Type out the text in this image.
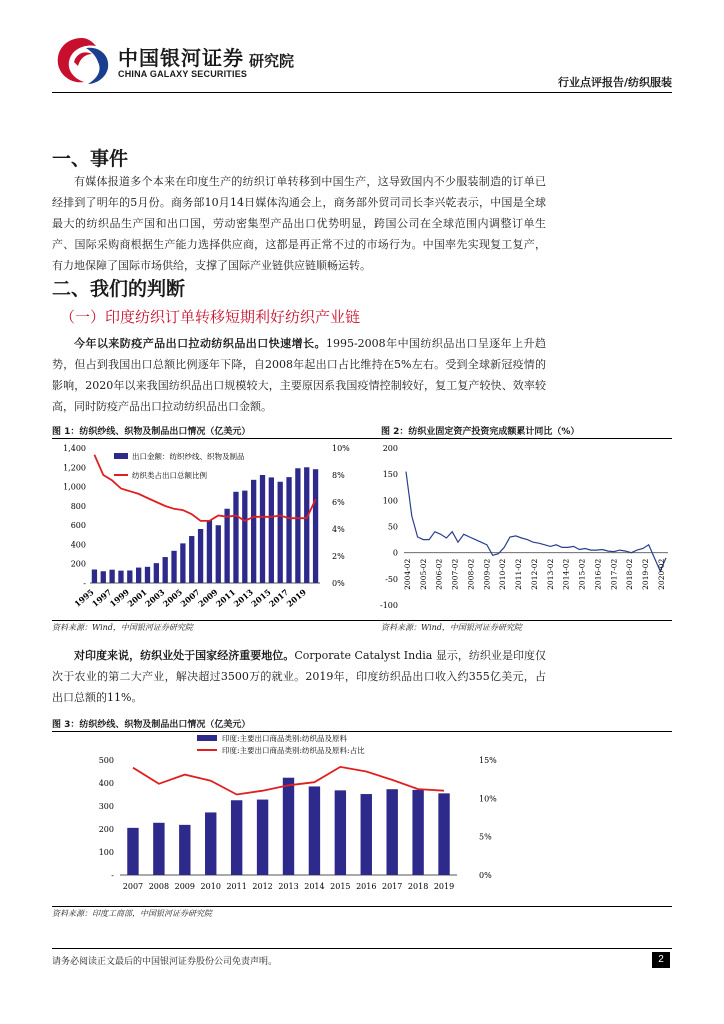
中国银河证券
CHINA GALAXY SECURITIES
研究院
行业点评报告/纺织服装
一、事件
有媒体报道多个本来在印度生产的纺织订单转移到中国生产，这导致国内不少服装制造的订单已经排到了明年的5月份。商务部10月14日媒体沟通会上，商务部外贸司司长李兴乾表示，中国是全球最大的纺织品生产国和出口国，劳动密集型产品出口优势明显，跨国公司在全球范围内调整订单生产、国际采购商根据生产能力选择供应商，这都是再正常不过的市场行为。中国率先实现复工复产，有力地保障了国际市场供给，支撑了国际产业链供应链顺畅运转。
二、我们的判断
（一）印度纺织订单转移短期利好纺织产业链
今年以来防疫产品出口拉动纺织品出口快速增长。1995-2008年中国纺织品出口呈逐年上升趋势，但占到我国出口总额比例逐年下降，自2008年起出口占比维持在5%左右。受到全球新冠疫情的影响，2020年以来我国纺织品出口规模较大，主要原因系我国疫情控制较好，复工复产较快、效率较高，同时防疫产品出口拉动纺织品出口金额。
图 1：纺织纱线、织物及制品出口情况（亿美元）	图 2：纺织业固定资产投资完成额累计同比（%）
-
200
400
600
800
1,000
1,200
1,400
0%
2%
4%
6%
8%
10%
1995
1997
1999
2001
2003
2005
2007
2009
2011
2013
2015
2017
2019
出口金额：纺织纱线、织物及制品
纺织类占出口总额比例
-100
-50
0
50
100
150
200
2004-02 2005-02 2006-02 2007-02 2008-02 2009-02 2010-02 2011-02 2012-02 2013-02 2014-02 2015-02 2016-02 2017-02 2018-02 2019-02 2020-02
资料来源：Wind，中国银河证券研究院	资料来源：Wind，中国银河证券研究院
对印度来说，纺织业处于国家经济重要地位。Corporate Catalyst India 显示，纺织业是印度仅次于农业的第二大产业，解决超过3500万的就业。2019年，印度纺织品出口收入约355亿美元，占出口总额的11%。
图 3：纺织纱线、织物及制品出口情况（亿美元）
-
100
200
300
400
500
0%
5%
10%
15%
2007 2008 2009 2010 2011 2012 2013 2014 2015 2016 2017 2018 2019
印度:主要出口商品类别:纺织品及原料
印度:主要出口商品类别:纺织品及原料:占比
资料来源：印度工商部，中国银河证券研究院
请务必阅读正文最后的中国银河证券股份公司免责声明。	2
